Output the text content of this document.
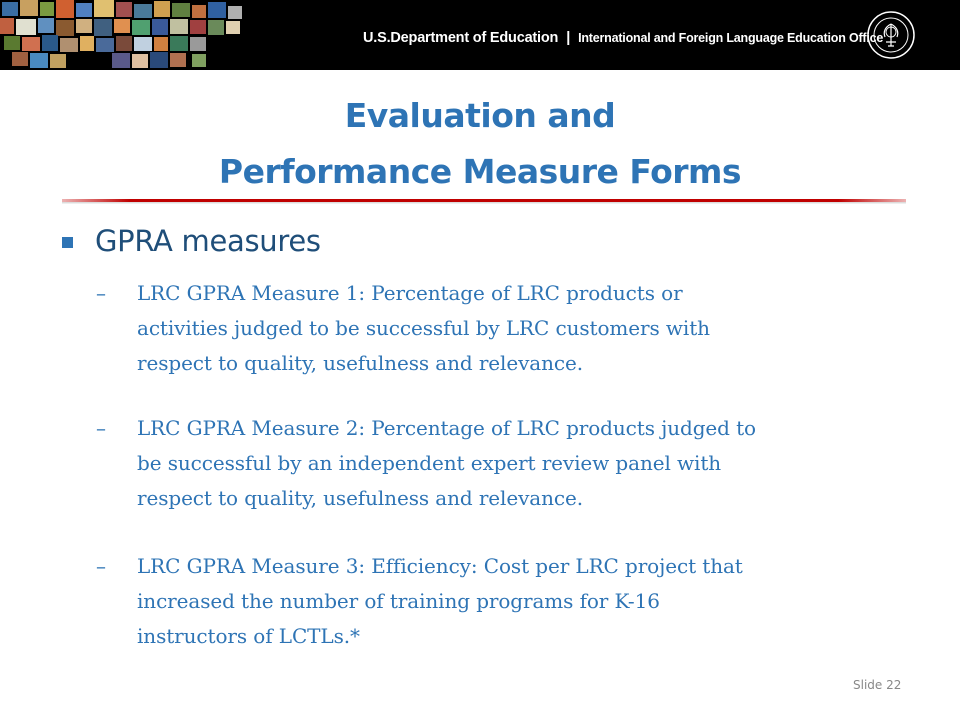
U.S.Department of Education | International and Foreign Language Education Office
Evaluation and
Performance Measure Forms
GPRA measures
–	LRC GPRA Measure 1: Percentage of LRC products or
activities judged to be successful by LRC customers with
respect to quality, usefulness and relevance.
–	LRC GPRA Measure 2: Percentage of LRC products judged to
be successful by an independent expert review panel with
respect to quality, usefulness and relevance.
–	LRC GPRA Measure 3: Efficiency: Cost per LRC project that
increased the number of training programs for K-16
instructors of LCTLs.*
Slide 22
